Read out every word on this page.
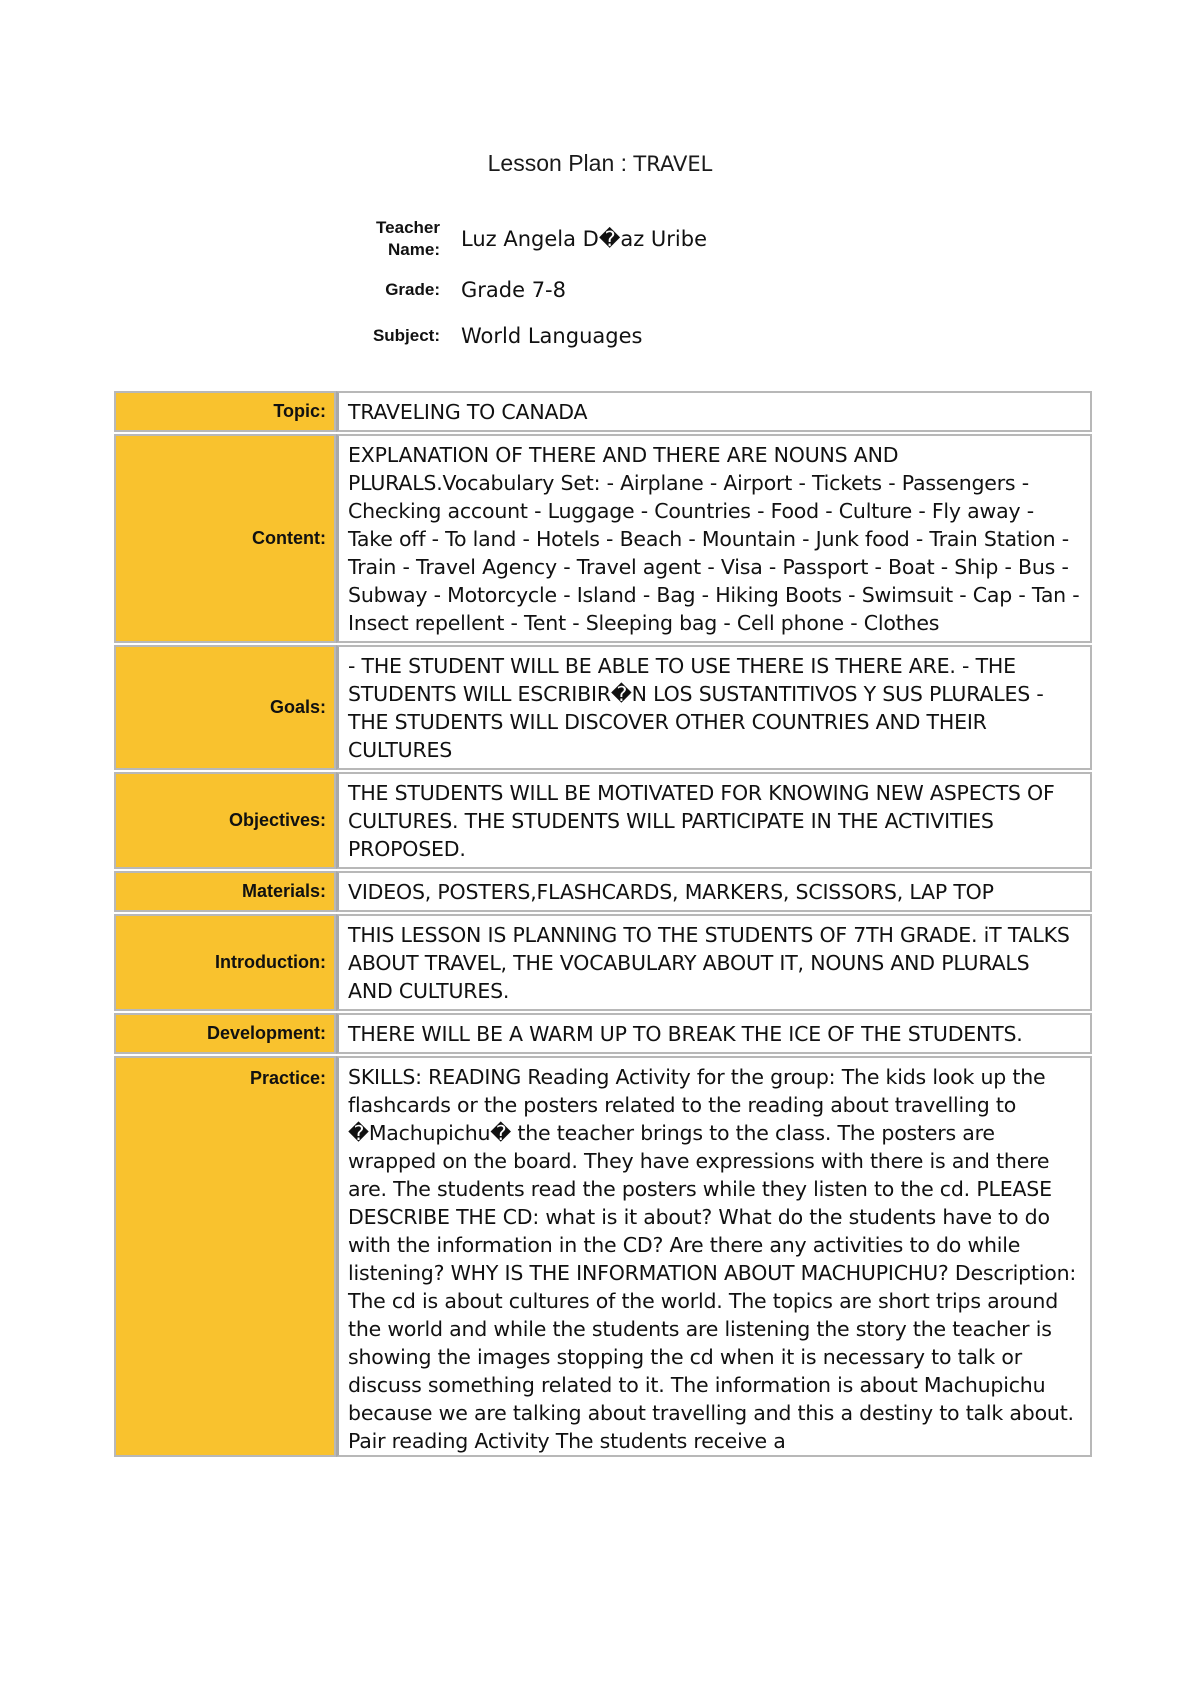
Lesson Plan : TRAVEL
Teacher Name:	Luz Angela D�az Uribe
Grade:	Grade 7-8
Subject:	World Languages
Topic:	TRAVELING TO CANADA
Content:	EXPLANATION OF THERE AND THERE ARE NOUNS AND PLURALS.Vocabulary Set: - Airplane - Airport - Tickets - Passengers - Checking account - Luggage - Countries - Food - Culture - Fly away - Take off - To land - Hotels - Beach - Mountain - Junk food - Train Station - Train - Travel Agency - Travel agent - Visa - Passport - Boat - Ship - Bus - Subway - Motorcycle - Island - Bag - Hiking Boots - Swimsuit - Cap - Tan - Insect repellent - Tent - Sleeping bag - Cell phone - Clothes
Goals:	- THE STUDENT WILL BE ABLE TO USE THERE IS THERE ARE. - THE STUDENTS WILL ESCRIBIR�N LOS SUSTANTITIVOS Y SUS PLURALES - THE STUDENTS WILL DISCOVER OTHER COUNTRIES AND THEIR CULTURES
Objectives:	THE STUDENTS WILL BE MOTIVATED FOR KNOWING NEW ASPECTS OF CULTURES. THE STUDENTS WILL PARTICIPATE IN THE ACTIVITIES PROPOSED.
Materials:	VIDEOS, POSTERS,FLASHCARDS, MARKERS, SCISSORS, LAP TOP
Introduction:	THIS LESSON IS PLANNING TO THE STUDENTS OF 7TH GRADE. iT TALKS ABOUT TRAVEL, THE VOCABULARY ABOUT IT, NOUNS AND PLURALS AND CULTURES.
Development:	THERE WILL BE A WARM UP TO BREAK THE ICE OF THE STUDENTS.
Practice:	SKILLS: READING Reading Activity for the group: The kids look up the flashcards or the posters related to the reading about travelling to �Machupichu� the teacher brings to the class. The posters are wrapped on the board. They have expressions with there is and there are. The students read the posters while they listen to the cd. PLEASE DESCRIBE THE CD: what is it about? What do the students have to do with the information in the CD? Are there any activities to do while listening? WHY IS THE INFORMATION ABOUT MACHUPICHU? Description: The cd is about cultures of the world. The topics are short trips around the world and while the students are listening the story the teacher is showing the images stopping the cd when it is necessary to talk or discuss something related to it. The information is about Machupichu because we are talking about travelling and this a destiny to talk about. Pair reading Activity The students receive a
